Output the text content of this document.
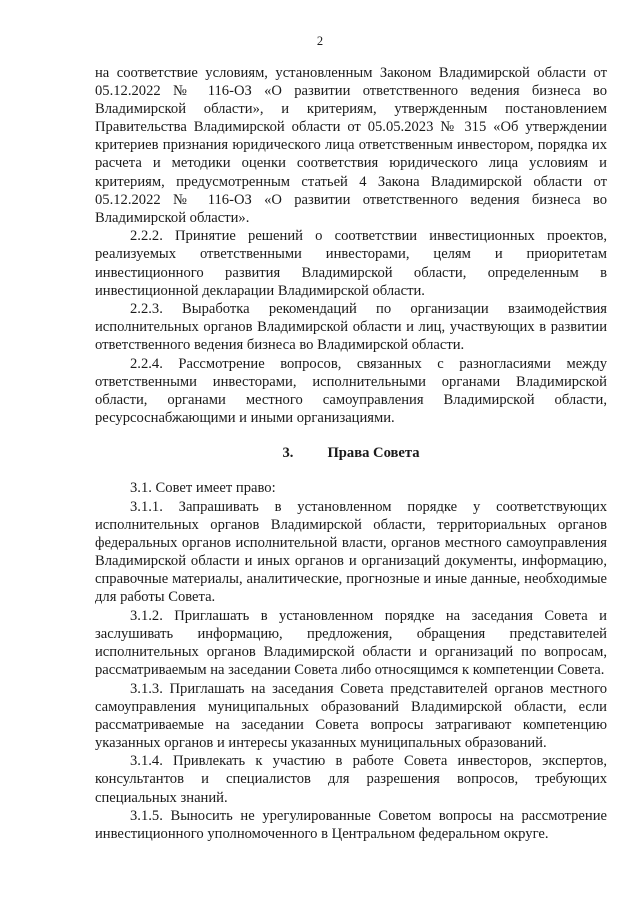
2

на соответствие условиям, установленным Законом Владимирской области от 05.12.2022 № 116-ОЗ «О развитии ответственного ведения бизнеса во Владимирской области», и критериям, утвержденным постановлением Правительства Владимирской области от 05.05.2023 № 315 «Об утверждении критериев признания юридического лица ответственным инвестором, порядка их расчета и методики оценки соответствия юридического лица условиям и критериям, предусмотренным статьей 4 Закона Владимирской области от 05.12.2022 № 116-ОЗ «О развитии ответственного ведения бизнеса во Владимирской области».

2.2.2. Принятие решений о соответствии инвестиционных проектов, реализуемых ответственными инвесторами, целям и приоритетам инвестиционного развития Владимирской области, определенным в инвестиционной декларации Владимирской области.

2.2.3. Выработка рекомендаций по организации взаимодействия исполнительных органов Владимирской области и лиц, участвующих в развитии ответственного ведения бизнеса во Владимирской области.

2.2.4. Рассмотрение вопросов, связанных с разногласиями между ответственными инвесторами, исполнительными органами Владимирской области, органами местного самоуправления Владимирской области, ресурсоснабжающими и иными организациями.

3. Права Совета

3.1. Совет имеет право:

3.1.1. Запрашивать в установленном порядке у соответствующих исполнительных органов Владимирской области, территориальных органов федеральных органов исполнительной власти, органов местного самоуправления Владимирской области и иных органов и организаций документы, информацию, справочные материалы, аналитические, прогнозные и иные данные, необходимые для работы Совета.

3.1.2. Приглашать в установленном порядке на заседания Совета и заслушивать информацию, предложения, обращения представителей исполнительных органов Владимирской области и организаций по вопросам, рассматриваемым на заседании Совета либо относящимся к компетенции Совета.

3.1.3. Приглашать на заседания Совета представителей органов местного самоуправления муниципальных образований Владимирской области, если рассматриваемые на заседании Совета вопросы затрагивают компетенцию указанных органов и интересы указанных муниципальных образований.

3.1.4. Привлекать к участию в работе Совета инвесторов, экспертов, консультантов и специалистов для разрешения вопросов, требующих специальных знаний.

3.1.5. Выносить не урегулированные Советом вопросы на рассмотрение инвестиционного уполномоченного в Центральном федеральном округе.
